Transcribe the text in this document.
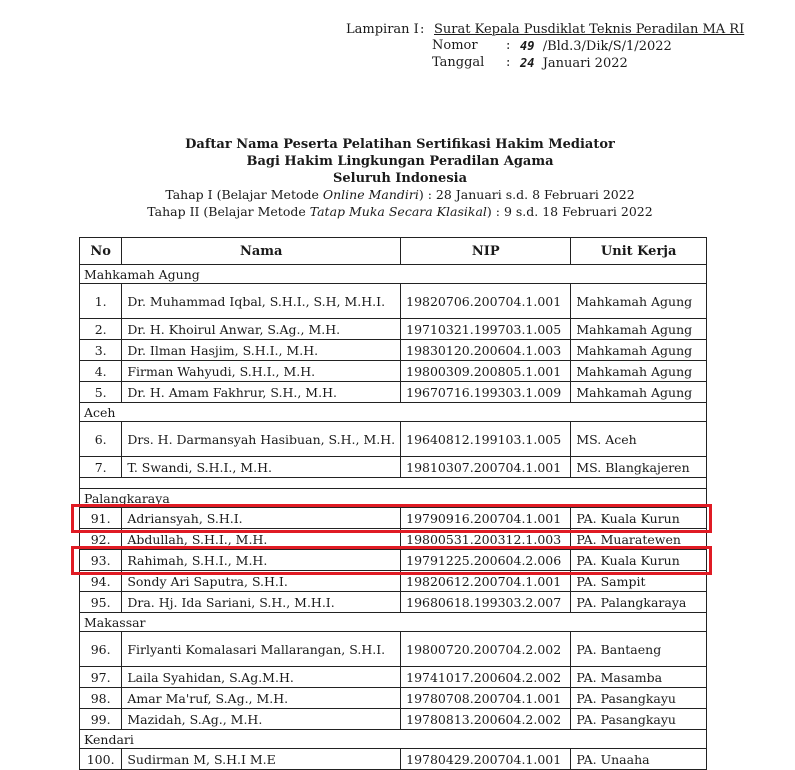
Lampiran I : Surat Kepala Pusdiklat Teknis Peradilan MA RI
Nomor	: 49 /Bld.3/Dik/S/1/2022
Tanggal	: 24 Januari 2022
Daftar Nama Peserta Pelatihan Sertifikasi Hakim Mediator
Bagi Hakim Lingkungan Peradilan Agama
Seluruh Indonesia
Tahap I (Belajar Metode Online Mandiri) : 28 Januari s.d. 8 Februari 2022
Tahap II (Belajar Metode Tatap Muka Secara Klasikal) : 9 s.d. 18 Februari 2022
No	Nama	NIP	Unit Kerja
Mahkamah Agung			
1.	Dr. Muhammad Iqbal, S.H.I., S.H, M.H.I.	19820706.200704.1.001	Mahkamah Agung
2.	Dr. H. Khoirul Anwar, S.Ag., M.H.	19710321.199703.1.005	Mahkamah Agung
3.	Dr. Ilman Hasjim, S.H.I., M.H.	19830120.200604.1.003	Mahkamah Agung
4.	Firman Wahyudi, S.H.I., M.H.	19800309.200805.1.001	Mahkamah Agung
5.	Dr. H. Amam Fakhrur, S.H., M.H.	19670716.199303.1.009	Mahkamah Agung
Aceh			
6.	Drs. H. Darmansyah Hasibuan, S.H., M.H.	19640812.199103.1.005	MS. Aceh
7.	T. Swandi, S.H.I., M.H.	19810307.200704.1.001	MS. Blangkajeren

Palangkaraya			
91.	Adriansyah, S.H.I.	19790916.200704.1.001	PA. Kuala Kurun
92.	Abdullah, S.H.I., M.H.	19800531.200312.1.003	PA. Muaratewen
93.	Rahimah, S.H.I., M.H.	19791225.200604.2.006	PA. Kuala Kurun
94.	Sondy Ari Saputra, S.H.I.	19820612.200704.1.001	PA. Sampit
95.	Dra. Hj. Ida Sariani, S.H., M.H.I.	19680618.199303.2.007	PA. Palangkaraya
Makassar			
96.	Firlyanti Komalasari Mallarangan, S.H.I.	19800720.200704.2.002	PA. Bantaeng
97.	Laila Syahidan, S.Ag.M.H.	19741017.200604.2.002	PA. Masamba
98.	Amar Ma'ruf, S.Ag., M.H.	19780708.200704.1.001	PA. Pasangkayu
99.	Mazidah, S.Ag., M.H.	19780813.200604.2.002	PA. Pasangkayu
Kendari			
100.	Sudirman M, S.H.I M.E	19780429.200704.1.001	PA. Unaaha
